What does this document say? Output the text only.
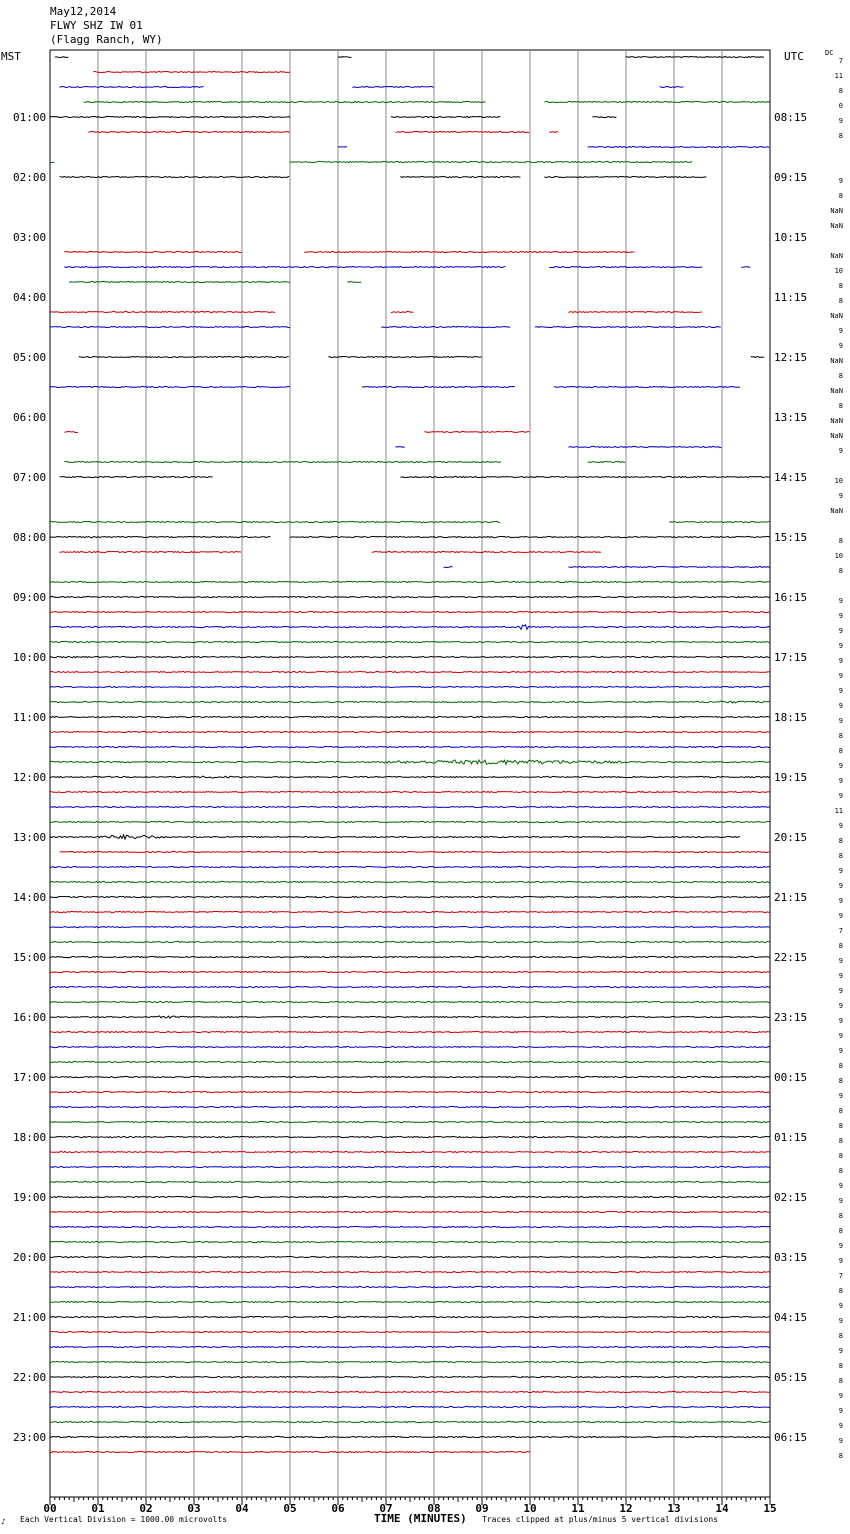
00	01	02	03	04	05	06	07	08	09	10	11	12	13	14	15
01:00
02:00
03:00
04:00
05:00
06:00
07:00
08:00
09:00
10:00
11:00
12:00
13:00
14:00
15:00
16:00
17:00
18:00
19:00
20:00
21:00
22:00
23:00
08:15
09:15
10:15
11:15
12:15
13:15
14:15
15:15
16:15
17:15
18:15
19:15
20:15
21:15
22:15
23:15
00:15
01:15
02:15
03:15
04:15
05:15
06:15
7
11
8
0
9
8
9
8
NaN
NaN
NaN
10
8
8
NaN
9
9
NaN
8
NaN
8
NaN
NaN
9
10
9
NaN
8
10
8
9
9
9
9
9
9
9
9
9
8
8
9
9
9
11
9
8
8
9
9
9
9
7
8
9
9
9
9
9
9
9
8
8
9
8
8
8
8
8
9
9
8
8
9
9
7
8
9
9
8
9
8
8
9
9
9
9
8
May12,2014
FLWY SHZ IW 01
(Flagg Ranch, WY)
MST	UTC	DC
♪ Each Vertical Division = 1000.00 microvolts	TIME (MINUTES) Traces clipped at plus/minus 5 vertical divisions
